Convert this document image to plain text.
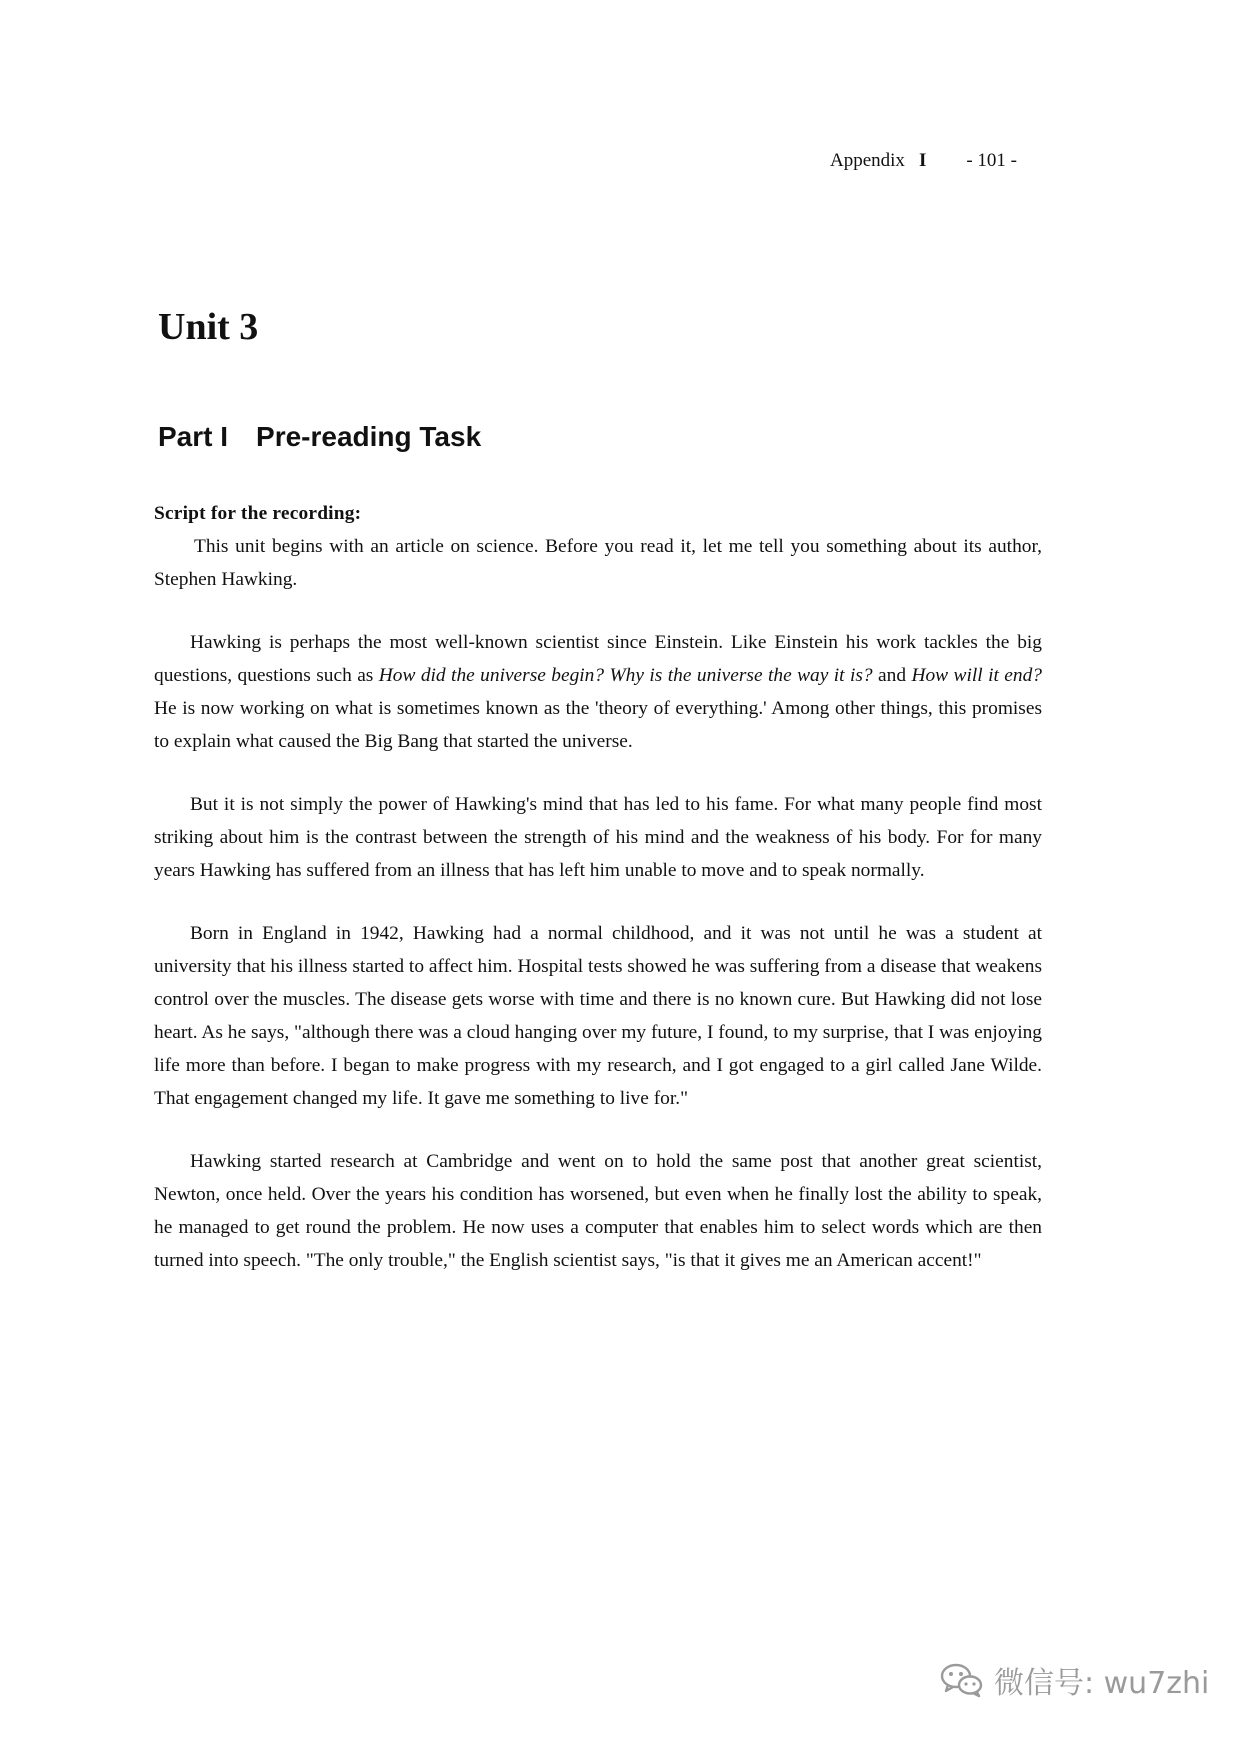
Appendix I - 101 -
Unit 3
Part I Pre-reading Task

Script for the recording:

This unit begins with an article on science. Before you read it, let me tell you something about its author, Stephen Hawking.

Hawking is perhaps the most well-known scientist since Einstein. Like Einstein his work tackles the big questions, questions such as How did the universe begin? Why is the universe the way it is? and How will it end? He is now working on what is sometimes known as the 'theory of everything.' Among other things, this promises to explain what caused the Big Bang that started the universe.

But it is not simply the power of Hawking's mind that has led to his fame. For what many people find most striking about him is the contrast between the strength of his mind and the weakness of his body. For for many years Hawking has suffered from an illness that has left him unable to move and to speak normally.

Born in England in 1942, Hawking had a normal childhood, and it was not until he was a student at university that his illness started to affect him. Hospital tests showed he was suffering from a disease that weakens control over the muscles. The disease gets worse with time and there is no known cure. But Hawking did not lose heart. As he says, "although there was a cloud hanging over my future, I found, to my surprise, that I was enjoying life more than before. I began to make progress with my research, and I got engaged to a girl called Jane Wilde. That engagement changed my life. It gave me something to live for."

Hawking started research at Cambridge and went on to hold the same post that another great scientist, Newton, once held. Over the years his condition has worsened, but even when he finally lost the ability to speak, he managed to get round the problem. He now uses a computer that enables him to select words which are then turned into speech. "The only trouble," the English scientist says, "is that it gives me an American accent!"

微信号: wu7zhi
